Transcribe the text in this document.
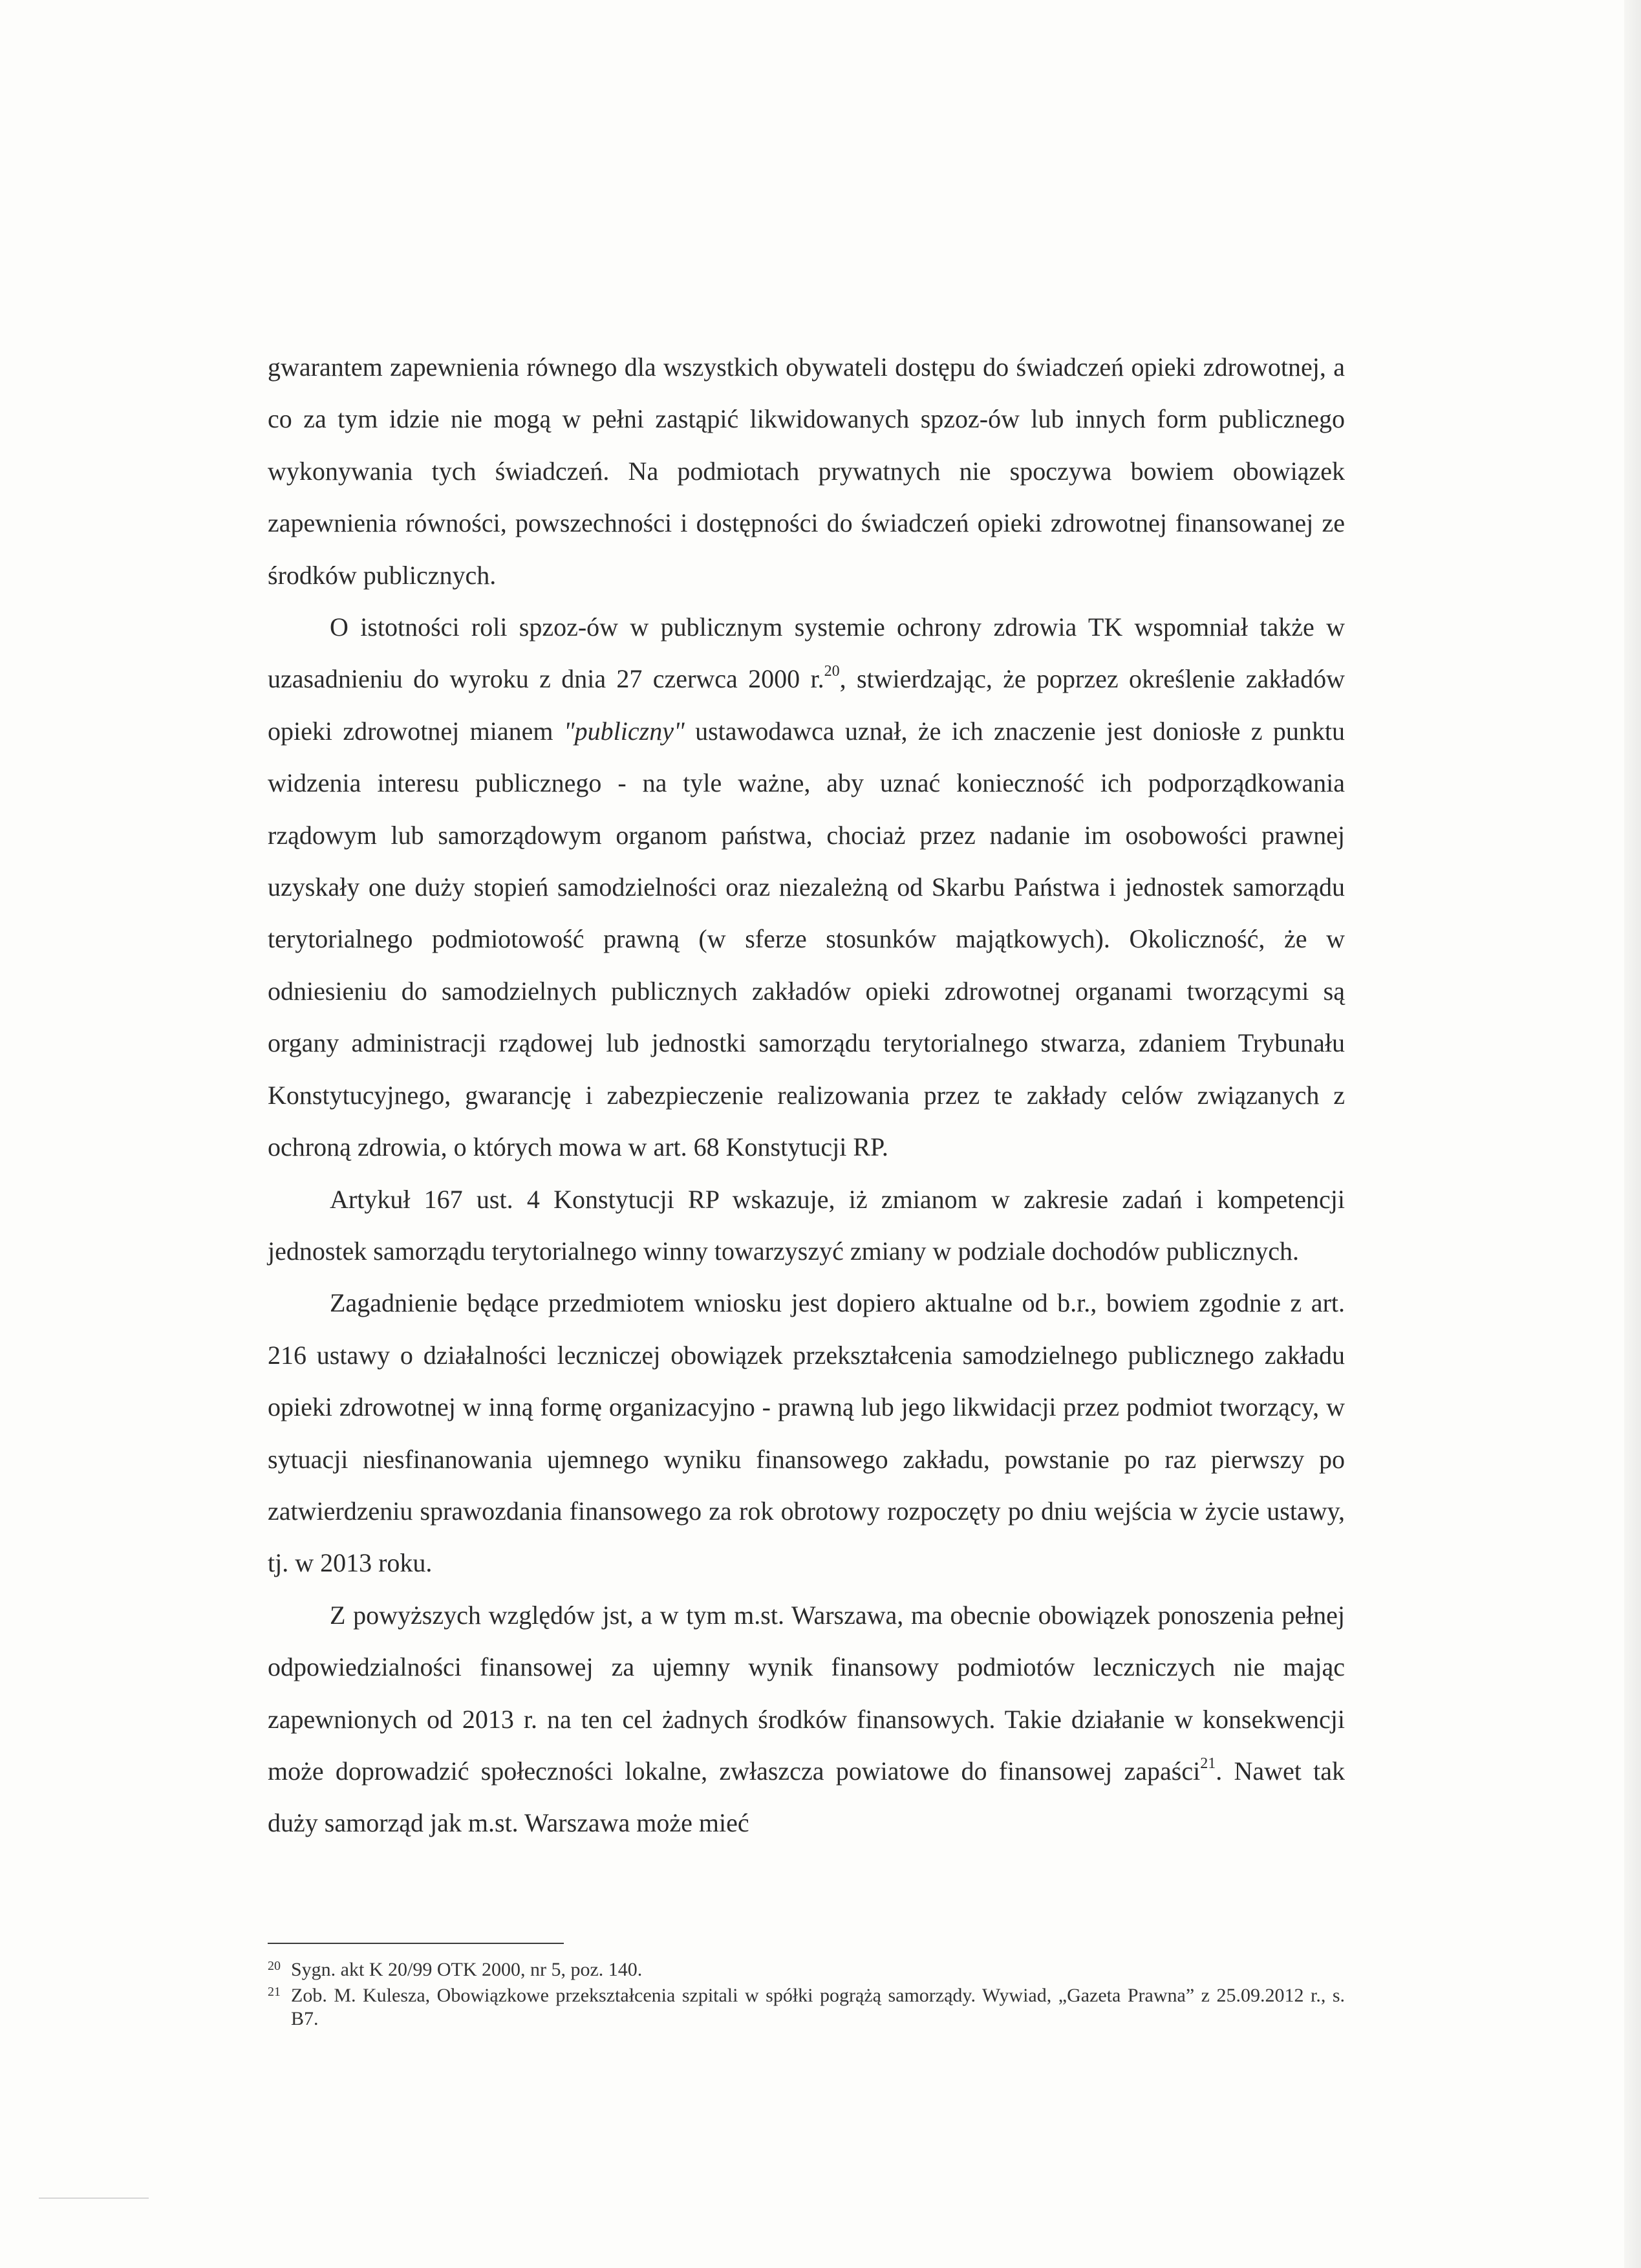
gwarantem zapewnienia równego dla wszystkich obywateli dostępu do świadczeń opieki zdrowotnej, a co za tym idzie nie mogą w pełni zastąpić likwidowanych spzoz-ów lub innych form publicznego wykonywania tych świadczeń. Na podmiotach prywatnych nie spoczywa bowiem obowiązek zapewnienia równości, powszechności i dostępności do świadczeń opieki zdrowotnej finansowanej ze środków publicznych.

O istotności roli spzoz-ów w publicznym systemie ochrony zdrowia TK wspomniał także w uzasadnieniu do wyroku z dnia 27 czerwca 2000 r.$^{20}$, stwierdzając, że poprzez określenie zakładów opieki zdrowotnej mianem "publiczny" ustawodawca uznał, że ich znaczenie jest doniosłe z punktu widzenia interesu publicznego - na tyle ważne, aby uznać konieczność ich podporządkowania rządowym lub samorządowym organom państwa, chociaż przez nadanie im osobowości prawnej uzyskały one duży stopień samodzielności oraz niezależną od Skarbu Państwa i jednostek samorządu terytorialnego podmiotowość prawną (w sferze stosunków majątkowych). Okoliczność, że w odniesieniu do samodzielnych publicznych zakładów opieki zdrowotnej organami tworzącymi są organy administracji rządowej lub jednostki samorządu terytorialnego stwarza, zdaniem Trybunału Konstytucyjnego, gwarancję i zabezpieczenie realizowania przez te zakłady celów związanych z ochroną zdrowia, o których mowa w art. 68 Konstytucji RP.

Artykuł 167 ust. 4 Konstytucji RP wskazuje, iż zmianom w zakresie zadań i kompetencji jednostek samorządu terytorialnego winny towarzyszyć zmiany w podziale dochodów publicznych.

Zagadnienie będące przedmiotem wniosku jest dopiero aktualne od b.r., bowiem zgodnie z art. 216 ustawy o działalności leczniczej obowiązek przekształcenia samodzielnego publicznego zakładu opieki zdrowotnej w inną formę organizacyjno - prawną lub jego likwidacji przez podmiot tworzący, w sytuacji niesfinanowania ujemnego wyniku finansowego zakładu, powstanie po raz pierwszy po zatwierdzeniu sprawozdania finansowego za rok obrotowy rozpoczęty po dniu wejścia w życie ustawy, tj. w 2013 roku.

Z powyższych względów jst, a w tym m.st. Warszawa, ma obecnie obowiązek ponoszenia pełnej odpowiedzialności finansowej za ujemny wynik finansowy podmiotów leczniczych nie mając zapewnionych od 2013 r. na ten cel żadnych środków finansowych. Takie działanie w konsekwencji może doprowadzić społeczności lokalne, zwłaszcza powiatowe do finansowej zapaści$^{21}$. Nawet tak duży samorząd jak m.st. Warszawa może mieć

20 Sygn. akt K 20/99 OTK 2000, nr 5, poz. 140.

21 Zob. M. Kulesza, Obowiązkowe przekształcenia szpitali w spółki pogrążą samorządy. Wywiad, „Gazeta Prawna” z 25.09.2012 r., s. B7.
